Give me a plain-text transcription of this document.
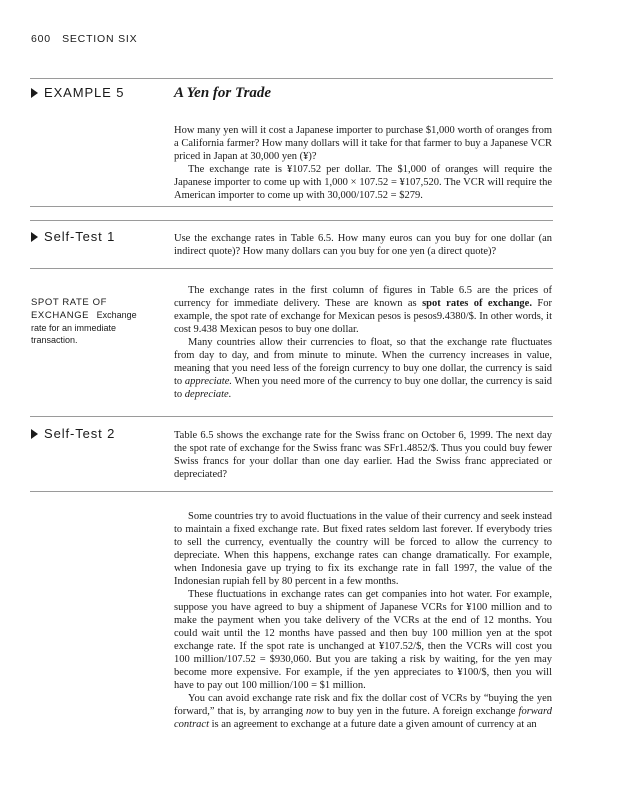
600 SECTION SIX
EXAMPLE 5	A Yen for Trade

How many yen will it cost a Japanese importer to purchase $1,000 worth of oranges from a California farmer? How many dollars will it take for that farmer to buy a Japanese VCR priced in Japan at 30,000 yen (¥)?

The exchange rate is ¥107.52 per dollar. The $1,000 of oranges will require the Japanese importer to come up with 1,000 × 107.52 = ¥107,520. The VCR will require the American importer to come up with 30,000/107.52 = $279.

Self-Test 1	Use the exchange rates in Table 6.5. How many euros can you buy for one dollar (an indirect quote)? How many dollars can you buy for one yen (a direct quote)?
SPOT RATE OF
EXCHANGE Exchange
rate for an immediate transaction.

The exchange rates in the first column of figures in Table 6.5 are the prices of currency for immediate delivery. These are known as spot rates of exchange. For example, the spot rate of exchange for Mexican pesos is pesos9.4380/$. In other words, it cost 9.438 Mexican pesos to buy one dollar.

Many countries allow their currencies to float, so that the exchange rate fluctuates from day to day, and from minute to minute. When the currency increases in value, meaning that you need less of the foreign currency to buy one dollar, the currency is said to appreciate. When you need more of the currency to buy one dollar, the currency is said to depreciate.

Self-Test 2	Table 6.5 shows the exchange rate for the Swiss franc on October 6, 1999. The next day the spot rate of exchange for the Swiss franc was SFr1.4852/$. Thus you could buy fewer Swiss francs for your dollar than one day earlier. Had the Swiss franc appreciated or depreciated?

Some countries try to avoid fluctuations in the value of their currency and seek instead to maintain a fixed exchange rate. But fixed rates seldom last forever. If everybody tries to sell the currency, eventually the country will be forced to allow the currency to depreciate. When this happens, exchange rates can change dramatically. For example, when Indonesia gave up trying to fix its exchange rate in fall 1997, the value of the Indonesian rupiah fell by 80 percent in a few months.

These fluctuations in exchange rates can get companies into hot water. For example, suppose you have agreed to buy a shipment of Japanese VCRs for ¥100 million and to make the payment when you take delivery of the VCRs at the end of 12 months. You could wait until the 12 months have passed and then buy 100 million yen at the spot exchange rate. If the spot rate is unchanged at ¥107.52/$, then the VCRs will cost you 100 million/107.52 = $930,060. But you are taking a risk by waiting, for the yen may become more expensive. For example, if the yen appreciates to ¥100/$, then you will have to pay out 100 million/100 = $1 million.

You can avoid exchange rate risk and fix the dollar cost of VCRs by “buying the yen forward,” that is, by arranging now to buy yen in the future. A foreign exchange forward contract is an agreement to exchange at a future date a given amount of currency at an
